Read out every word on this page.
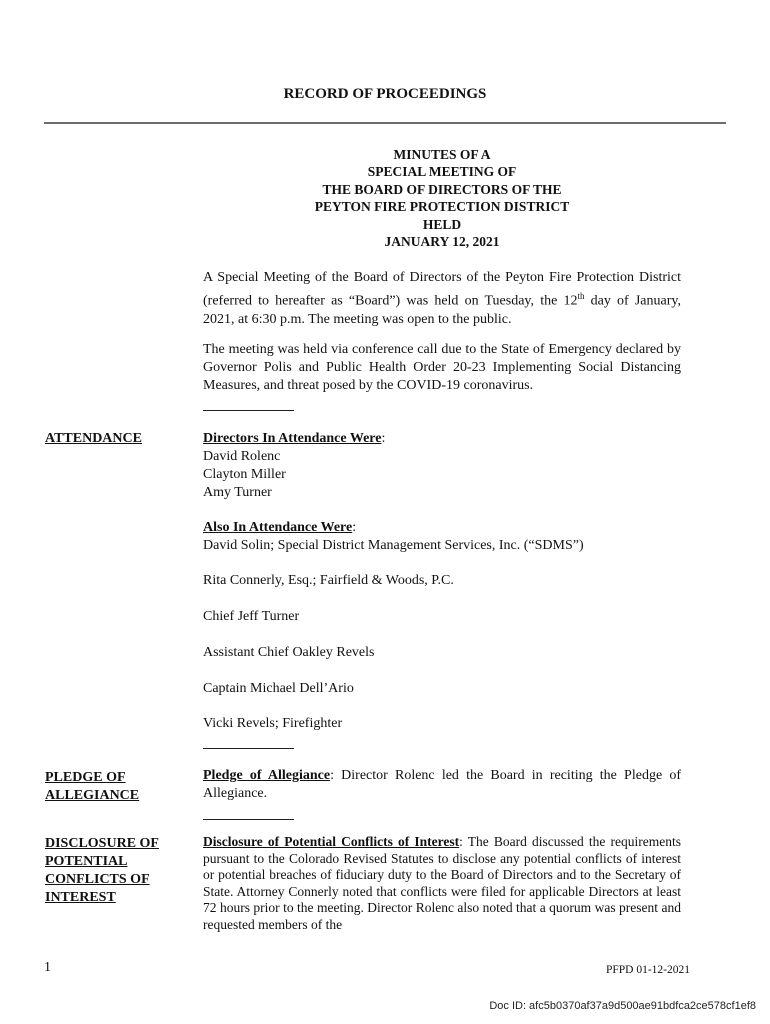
RECORD OF PROCEEDINGS
MINUTES OF A
SPECIAL MEETING OF
THE BOARD OF DIRECTORS OF THE
PEYTON FIRE PROTECTION DISTRICT
HELD
JANUARY 12, 2021
A Special Meeting of the Board of Directors of the Peyton Fire Protection District (referred to hereafter as “Board”) was held on Tuesday, the 12th day of January, 2021, at 6:30 p.m. The meeting was open to the public.
The meeting was held via conference call due to the State of Emergency declared by Governor Polis and Public Health Order 20-23 Implementing Social Distancing Measures, and threat posed by the COVID-19 coronavirus.
ATTENDANCE	Directors In Attendance Were:
David Rolenc
Clayton Miller
Amy Turner
Also In Attendance Were:
David Solin; Special District Management Services, Inc. (“SDMS”)
Rita Connerly, Esq.; Fairfield & Woods, P.C.
Chief Jeff Turner
Assistant Chief Oakley Revels
Captain Michael Dell’Ario
Vicki Revels; Firefighter
PLEDGE OF
ALLEGIANCE
Pledge of Allegiance: Director Rolenc led the Board in reciting the Pledge of Allegiance.
DISCLOSURE OF
POTENTIAL
CONFLICTS OF
INTEREST
Disclosure of Potential Conflicts of Interest: The Board discussed the requirements pursuant to the Colorado Revised Statutes to disclose any potential conflicts of interest or potential breaches of fiduciary duty to the Board of Directors and to the Secretary of State. Attorney Connerly noted that conflicts were filed for applicable Directors at least 72 hours prior to the meeting. Director Rolenc also noted that a quorum was present and requested members of the
1	PFPD 01-12-2021
Doc ID: afc5b0370af37a9d500ae91bdfca2ce578cf1ef8
